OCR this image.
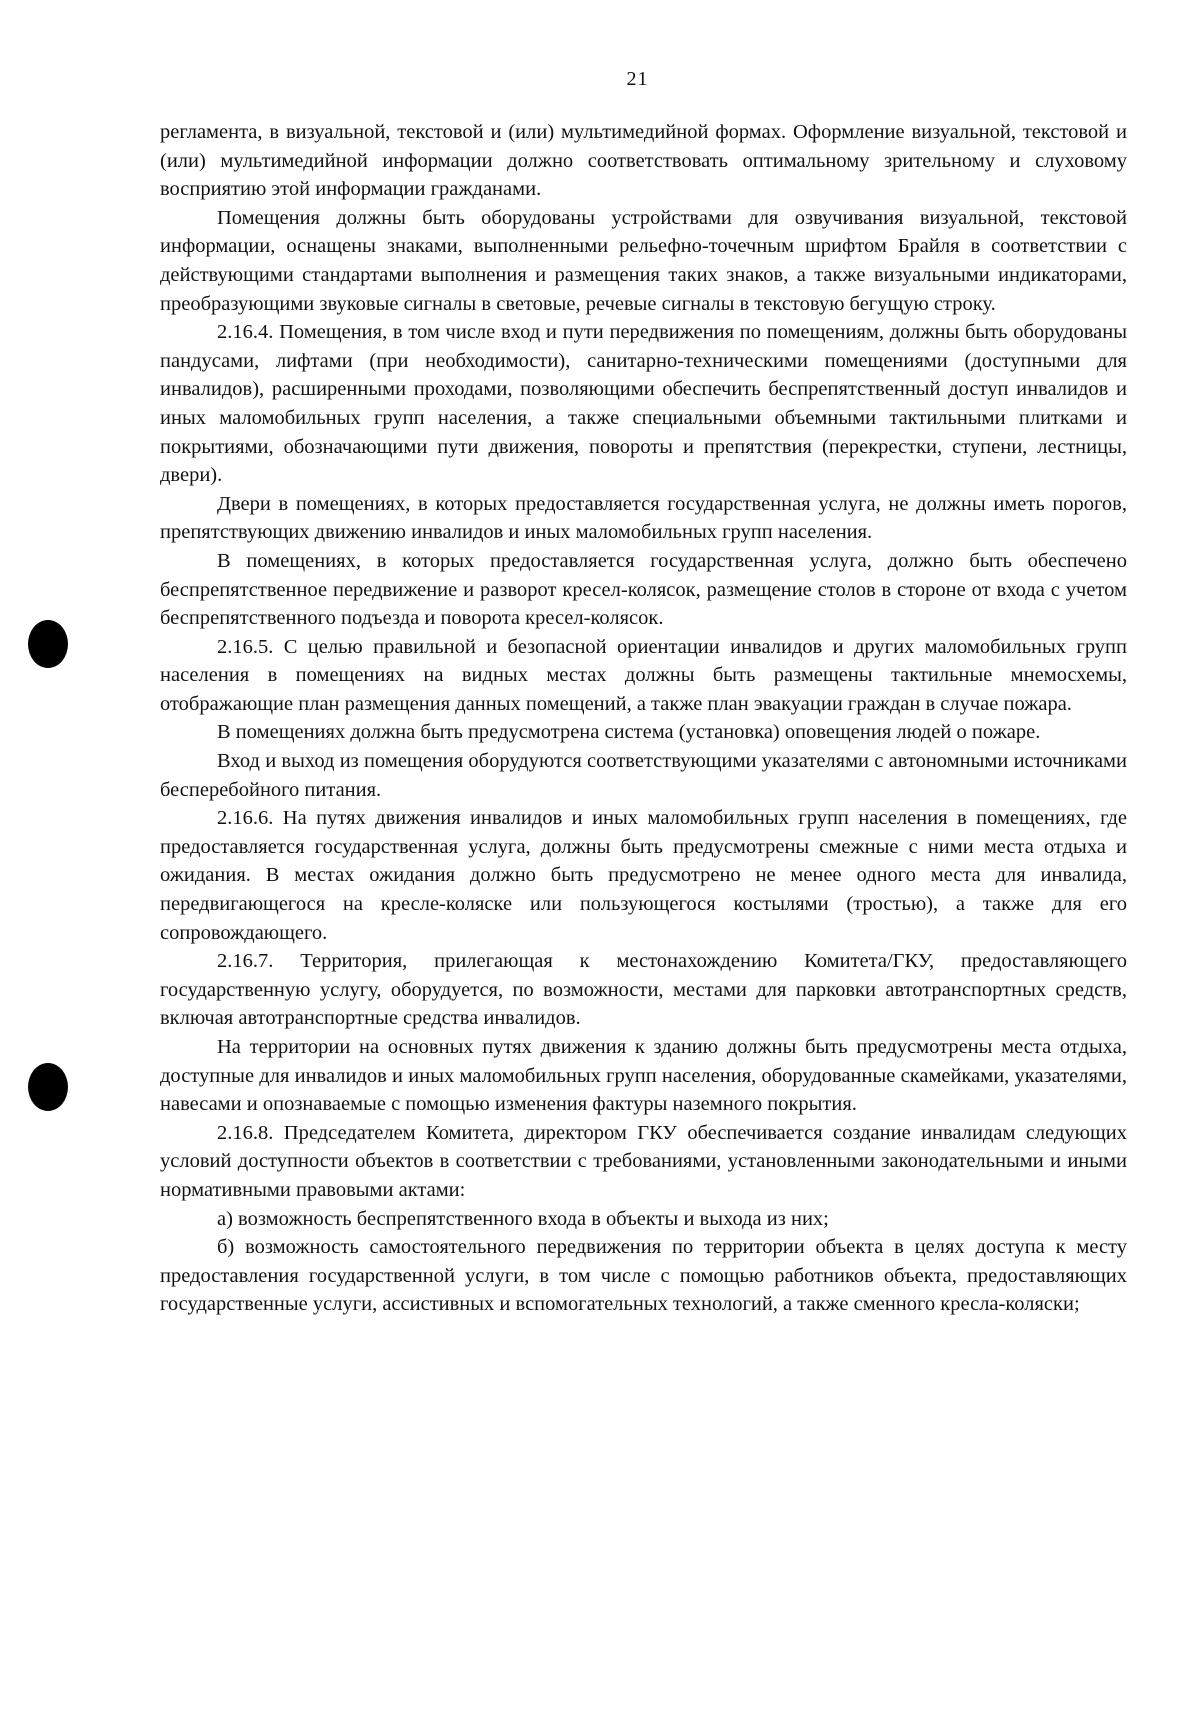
21

регламента, в визуальной, текстовой и (или) мультимедийной формах. Оформление визуальной, текстовой и (или) мультимедийной информации должно соответствовать оптимальному зрительному и слуховому восприятию этой информации гражданами.

Помещения должны быть оборудованы устройствами для озвучивания визуальной, текстовой информации, оснащены знаками, выполненными рельефно-точечным шрифтом Брайля в соответствии с действующими стандартами выполнения и размещения таких знаков, а также визуальными индикаторами, преобразующими звуковые сигналы в световые, речевые сигналы в текстовую бегущую строку.

2.16.4. Помещения, в том числе вход и пути передвижения по помещениям, должны быть оборудованы пандусами, лифтами (при необходимости), санитарно-техническими помещениями (доступными для инвалидов), расширенными проходами, позволяющими обеспечить беспрепятственный доступ инвалидов и иных маломобильных групп населения, а также специальными объемными тактильными плитками и покрытиями, обозначающими пути движения, повороты и препятствия (перекрестки, ступени, лестницы, двери).

Двери в помещениях, в которых предоставляется государственная услуга, не должны иметь порогов, препятствующих движению инвалидов и иных маломобильных групп населения.

В помещениях, в которых предоставляется государственная услуга, должно быть обеспечено беспрепятственное передвижение и разворот кресел-колясок, размещение столов в стороне от входа с учетом беспрепятственного подъезда и поворота кресел-колясок.

2.16.5. С целью правильной и безопасной ориентации инвалидов и других маломобильных групп населения в помещениях на видных местах должны быть размещены тактильные мнемосхемы, отображающие план размещения данных помещений, а также план эвакуации граждан в случае пожара.

В помещениях должна быть предусмотрена система (установка) оповещения людей о пожаре.

Вход и выход из помещения оборудуются соответствующими указателями с автономными источниками бесперебойного питания.

2.16.6. На путях движения инвалидов и иных маломобильных групп населения в помещениях, где предоставляется государственная услуга, должны быть предусмотрены смежные с ними места отдыха и ожидания. В местах ожидания должно быть предусмотрено не менее одного места для инвалида, передвигающегося на кресле-коляске или пользующегося костылями (тростью), а также для его сопровождающего.

2.16.7. Территория, прилегающая к местонахождению Комитета/ГКУ, предоставляющего государственную услугу, оборудуется, по возможности, местами для парковки автотранспортных средств, включая автотранспортные средства инвалидов.

На территории на основных путях движения к зданию должны быть предусмотрены места отдыха, доступные для инвалидов и иных маломобильных групп населения, оборудованные скамейками, указателями, навесами и опознаваемые с помощью изменения фактуры наземного покрытия.

2.16.8. Председателем Комитета, директором ГКУ обеспечивается создание инвалидам следующих условий доступности объектов в соответствии с требованиями, установленными законодательными и иными нормативными правовыми актами:

а) возможность беспрепятственного входа в объекты и выхода из них;

б) возможность самостоятельного передвижения по территории объекта в целях доступа к месту предоставления государственной услуги, в том числе с помощью работников объекта, предоставляющих государственные услуги, ассистивных и вспомогательных технологий, а также сменного кресла-коляски;
